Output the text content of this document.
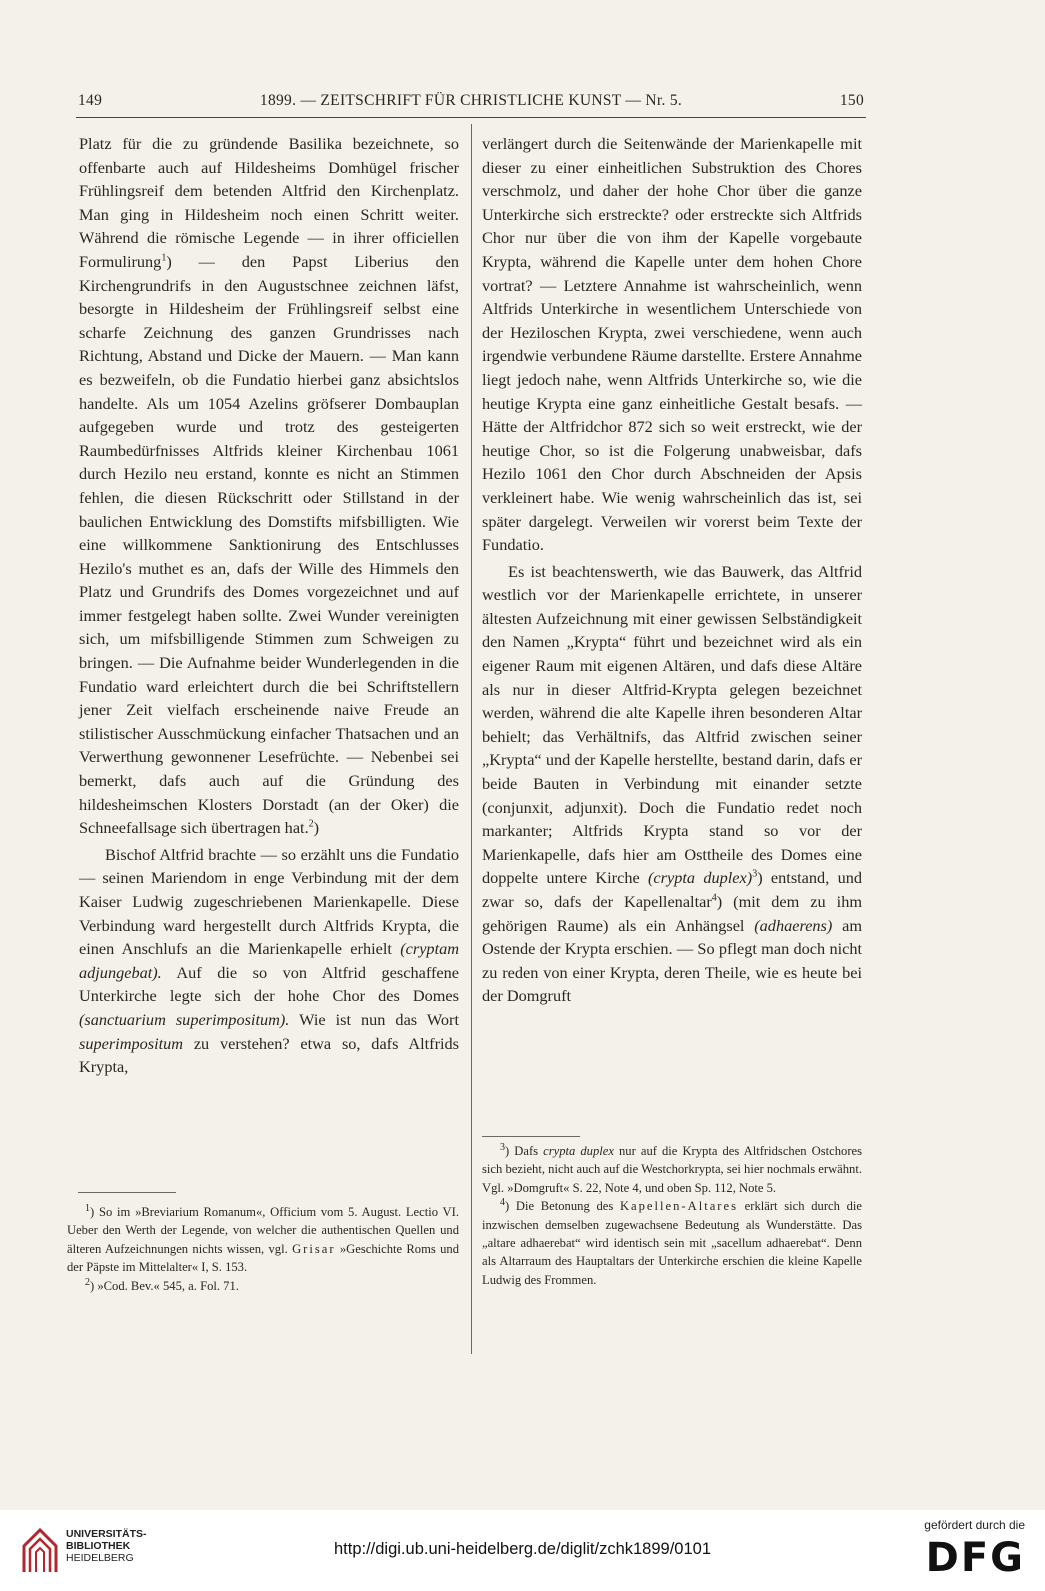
149	1899. — ZEITSCHRIFT FÜR CHRISTLICHE KUNST — Nr. 5.	150

Platz für die zu gründende Basilika bezeichnete, so offenbarte auch auf Hildesheims Domhügel frischer Frühlingsreif dem betenden Altfrid den Kirchenplatz. Man ging in Hildesheim noch einen Schritt weiter. Während die römische Legende — in ihrer officiellen Formulirung$^1$) — den Papst Liberius den Kirchengrundrifs in den Augustschnee zeichnen läfst, besorgte in Hildesheim der Frühlingsreif selbst eine scharfe Zeichnung des ganzen Grundrisses nach Richtung, Abstand und Dicke der Mauern. — Man kann es bezweifeln, ob die Fundatio hierbei ganz absichtslos handelte. Als um 1054 Azelins gröfserer Dombauplan aufgegeben wurde und trotz des gesteigerten Raumbedürfnisses Altfrids kleiner Kirchenbau 1061 durch Hezilo neu erstand, konnte es nicht an Stimmen fehlen, die diesen Rückschritt oder Stillstand in der baulichen Entwicklung des Domstifts mifsbilligten. Wie eine willkommene Sanktionirung des Entschlusses Hezilo's muthet es an, dafs der Wille des Himmels den Platz und Grundrifs des Domes vorgezeichnet und auf immer festgelegt haben sollte. Zwei Wunder vereinigten sich, um mifsbilligende Stimmen zum Schweigen zu bringen. — Die Aufnahme beider Wunderlegenden in die Fundatio ward erleichtert durch die bei Schriftstellern jener Zeit vielfach erscheinende naive Freude an stilistischer Ausschmückung einfacher Thatsachen und an Verwerthung gewonnener Lesefrüchte. — Nebenbei sei bemerkt, dafs auch auf die Gründung des hildesheimschen Klosters Dorstadt (an der Oker) die Schneefallsage sich übertragen hat.$^2$)

Bischof Altfrid brachte — so erzählt uns die Fundatio — seinen Mariendom in enge Verbindung mit der dem Kaiser Ludwig zugeschriebenen Marienkapelle. Diese Verbindung ward hergestellt durch Altfrids Krypta, die einen Anschlufs an die Marienkapelle erhielt (cryptam adjungebat). Auf die so von Altfrid geschaffene Unterkirche legte sich der hohe Chor des Domes (sanctuarium superimpositum). Wie ist nun das Wort superimpositum zu verstehen? etwa so, dafs Altfrids Krypta,

$^1$) So im »Breviarium Romanum«, Officium vom 5. August. Lectio VI. Ueber den Werth der Legende, von welcher die authentischen Quellen und älteren Aufzeichnungen nichts wissen, vgl. Grisar »Geschichte Roms und der Päpste im Mittelalter« I, S. 153.

$^2$) »Cod. Bev.« 545, a. Fol. 71.

verlängert durch die Seitenwände der Marienkapelle mit dieser zu einer einheitlichen Substruktion des Chores verschmolz, und daher der hohe Chor über die ganze Unterkirche sich erstreckte? oder erstreckte sich Altfrids Chor nur über die von ihm der Kapelle vorgebaute Krypta, während die Kapelle unter dem hohen Chore vortrat? — Letztere Annahme ist wahrscheinlich, wenn Altfrids Unterkirche in wesentlichem Unterschiede von der Heziloschen Krypta, zwei verschiedene, wenn auch irgendwie verbundene Räume darstellte. Erstere Annahme liegt jedoch nahe, wenn Altfrids Unterkirche so, wie die heutige Krypta eine ganz einheitliche Gestalt besafs. — Hätte der Altfridchor 872 sich so weit erstreckt, wie der heutige Chor, so ist die Folgerung unabweisbar, dafs Hezilo 1061 den Chor durch Abschneiden der Apsis verkleinert habe. Wie wenig wahrscheinlich das ist, sei später dargelegt. Verweilen wir vorerst beim Texte der Fundatio.

Es ist beachtenswerth, wie das Bauwerk, das Altfrid westlich vor der Marienkapelle errichtete, in unserer ältesten Aufzeichnung mit einer gewissen Selbständigkeit den Namen „Krypta“ führt und bezeichnet wird als ein eigener Raum mit eigenen Altären, und dafs diese Altäre als nur in dieser Altfrid-Krypta gelegen bezeichnet werden, während die alte Kapelle ihren besonderen Altar behielt; das Verhältnifs, das Altfrid zwischen seiner „Krypta“ und der Kapelle herstellte, bestand darin, dafs er beide Bauten in Verbindung mit einander setzte (conjunxit, adjunxit). Doch die Fundatio redet noch markanter; Altfrids Krypta stand so vor der Marienkapelle, dafs hier am Osttheile des Domes eine doppelte untere Kirche (crypta duplex)$^3$) entstand, und zwar so, dafs der Kapellenaltar$^4$) (mit dem zu ihm gehörigen Raume) als ein Anhängsel (adhaerens) am Ostende der Krypta erschien. — So pflegt man doch nicht zu reden von einer Krypta, deren Theile, wie es heute bei der Domgruft

$^3$) Dafs crypta duplex nur auf die Krypta des Altfridschen Ostchores sich bezieht, nicht auch auf die Westchorkrypta, sei hier nochmals erwähnt. Vgl. »Domgruft« S. 22, Note 4, und oben Sp. 112, Note 5.

$^4$) Die Betonung des Kapellen-Altares erklärt sich durch die inzwischen demselben zugewachsene Bedeutung als Wunderstätte. Das „altare adhaerebat“ wird identisch sein mit „sacellum adhaerebat“. Denn als Altarraum des Hauptaltars der Unterkirche erschien die kleine Kapelle Ludwig des Frommen.

UNIVERSITÄTS-
BIBLIOTHEK
HEIDELBERG	http://digi.ub.uni-heidelberg.de/diglit/zchk1899/0101
gefördert durch die
DFG
